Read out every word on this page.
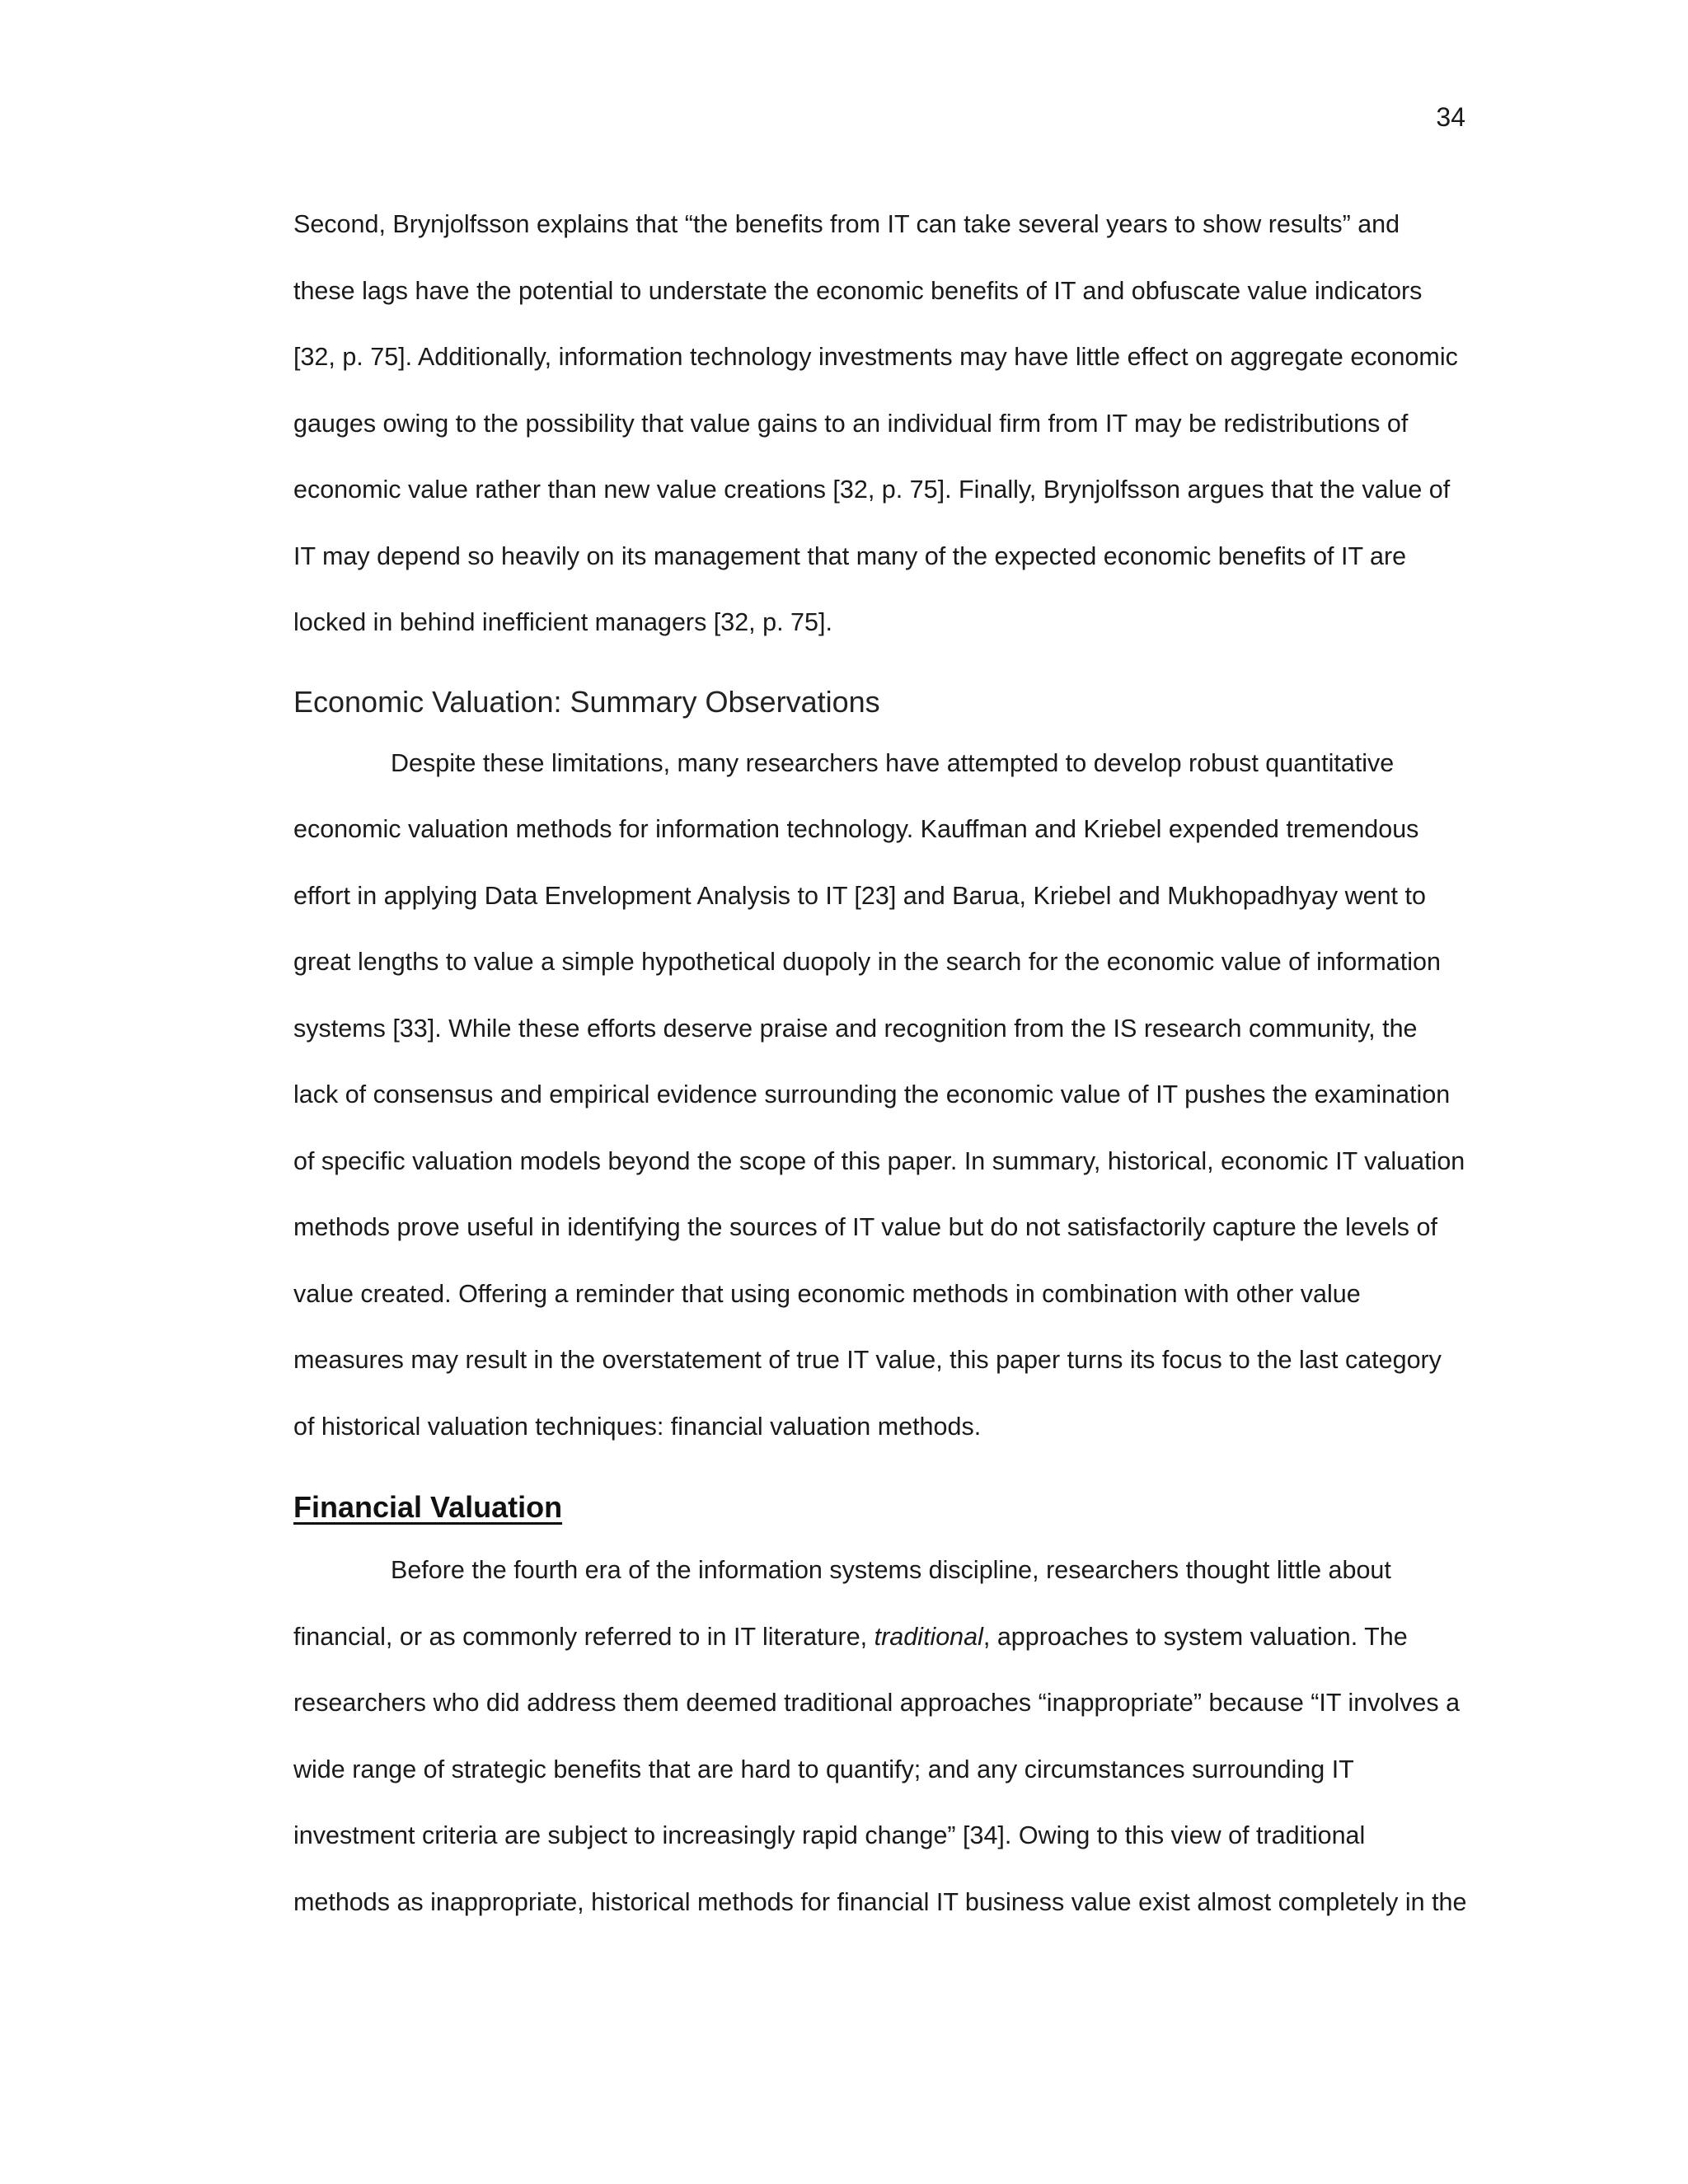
34

Second, Brynjolfsson explains that “the benefits from IT can take several years to show results” and these lags have the potential to understate the economic benefits of IT and obfuscate value indicators [32, p. 75]. Additionally, information technology investments may have little effect on aggregate economic gauges owing to the possibility that value gains to an individual firm from IT may be redistributions of economic value rather than new value creations [32, p. 75]. Finally, Brynjolfsson argues that the value of IT may depend so heavily on its management that many of the expected economic benefits of IT are locked in behind inefficient managers [32, p. 75].

Economic Valuation: Summary Observations

Despite these limitations, many researchers have attempted to develop robust quantitative economic valuation methods for information technology. Kauffman and Kriebel expended tremendous effort in applying Data Envelopment Analysis to IT [23] and Barua, Kriebel and Mukhopadhyay went to great lengths to value a simple hypothetical duopoly in the search for the economic value of information systems [33]. While these efforts deserve praise and recognition from the IS research community, the lack of consensus and empirical evidence surrounding the economic value of IT pushes the examination of specific valuation models beyond the scope of this paper. In summary, historical, economic IT valuation methods prove useful in identifying the sources of IT value but do not satisfactorily capture the levels of value created. Offering a reminder that using economic methods in combination with other value measures may result in the overstatement of true IT value, this paper turns its focus to the last category of historical valuation techniques: financial valuation methods.

Financial Valuation

Before the fourth era of the information systems discipline, researchers thought little about financial, or as commonly referred to in IT literature, traditional, approaches to system valuation. The researchers who did address them deemed traditional approaches “inappropriate” because “IT involves a wide range of strategic benefits that are hard to quantify; and any circumstances surrounding IT investment criteria are subject to increasingly rapid change” [34]. Owing to this view of traditional methods as inappropriate, historical methods for financial IT business value exist almost completely in the
